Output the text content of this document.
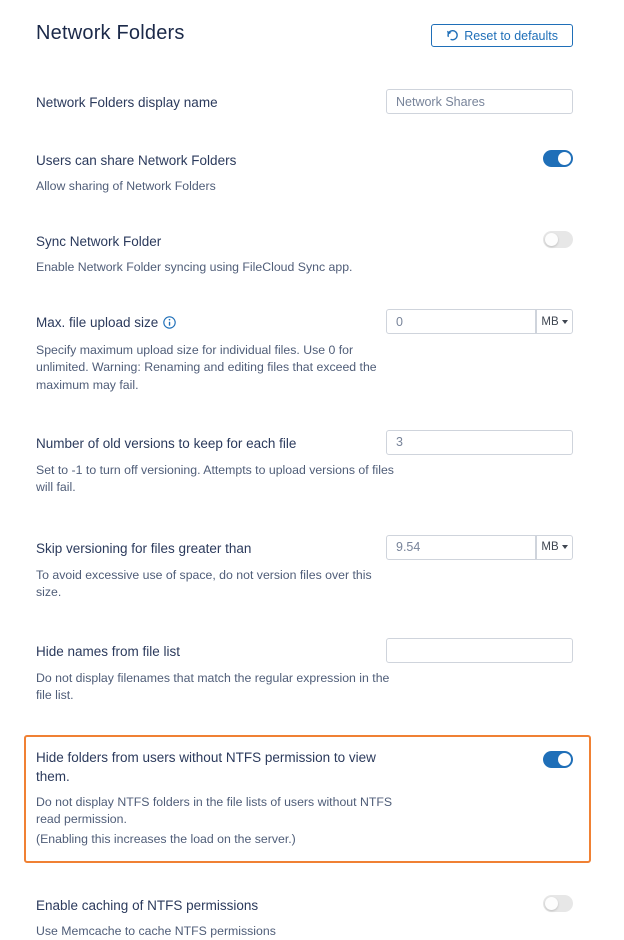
Network Folders	Reset to defaults
Network Folders display name
Network Shares
Users can share Network Folders
Allow sharing of Network Folders
Sync Network Folder
Enable Network Folder syncing using FileCloud Sync app.
Max. file upload size
0	MB
Specify maximum upload size for individual files. Use 0 for unlimited. Warning: Renaming and editing files that exceed the maximum may fail.
Number of old versions to keep for each file
3
Set to -1 to turn off versioning. Attempts to upload versions of files will fail.
Skip versioning for files greater than
9.54	MB
To avoid excessive use of space, do not version files over this size.
Hide names from file list
Do not display filenames that match the regular expression in the file list.
Hide folders from users without NTFS permission to view them.
Do not display NTFS folders in the file lists of users without NTFS read permission.
(Enabling this increases the load on the server.)
Enable caching of NTFS permissions
Use Memcache to cache NTFS permissions
